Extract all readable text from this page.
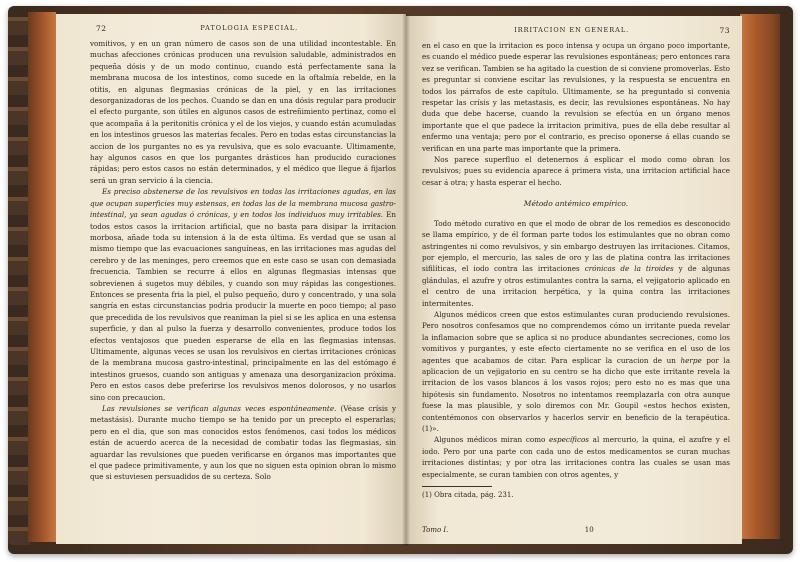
72	PATOLOGIA ESPECIAL.

vomitivos, y en un gran número de casos son de una utilidad incontestable. En muchas afecciones crónicas producen una revulsion saludable, administrados en pequeña dósis y de un modo continuo, cuando está perfectamente sana la membrana mucosa de los intestinos, como sucede en la oftalmía rebelde, en la otitis, en algunas flegmasias crónicas de la piel, y en las irritaciones desorganizadoras de los pechos. Cuando se dan en una dósis regular para producir el efecto purgante, son útiles en algunos casos de estreñimiento pertinaz, como el que acompaña á la peritonitis crónica y el de los viejos, y cuando están acumuladas en los intestinos gruesos las materias fecales. Pero en todas estas circunstancias la accion de los purgantes no es ya revulsiva, que es solo evacuante. Ultimamente, hay algunos casos en que los purgantes drásticos han producido curaciones rápidas; pero estos casos no están determinados, y el médico que llegue á fijarlos será un gran servicio á la ciencia.

Es preciso abstenerse de los revulsivos en todas las irritaciones agudas, en las que ocupan superficies muy estensas, en todas las de la membrana mucosa gastro-intestinal, ya sean agudas ó crónicas, y en todos los individuos muy irritables. En todos estos casos la irritacion artificial, que no basta para disipar la irritacion morbosa, añade toda su intension á la de esta última. Es verdad que se usan al mismo tiempo que las evacuaciones sanguíneas, en las irritaciones mas agudas del cerebro y de las meninges, pero creemos que en este caso se usan con demasiada frecuencia. Tambien se recurre á ellos en algunas flegmasias intensas que sobrevienen á sugetos muy débiles, y cuando son muy rápidas las congestiones. Entonces se presenta fria la piel, el pulso pequeño, duro y concentrado, y una sola sangría en estas circunstancias podria producir la muerte en poco tiempo; al paso que precedida de los revulsivos que reaniman la piel si se les aplica en una estensa superficie, y dan al pulso la fuerza y desarrollo convenientes, produce todos los efectos ventajosos que pueden esperarse de ella en las flegmasias intensas. Ultimamente, algunas veces se usan los revulsivos en ciertas irritaciones crónicas de la membrana mucosa gastro-intestinal, principalmente en las del estómago é intestinos gruesos, cuando son antiguas y amenaza una desorganizacion próxima. Pero en estos casos debe preferirse los revulsivos menos dolorosos, y no usarlos sino con precaucion.

Las revulsiones se verifican algunas veces espontáneamente. (Véase crísis y metastásis). Durante mucho tiempo se ha tenido por un precepto el esperarlas; pero en el dia, que son mas conocidos estos fenómenos, casi todos los médicos están de acuerdo acerca de la necesidad de combatir todas las flegmasias, sin aguardar las revulsiones que pueden verificarse en órganos mas importantes que el que padece primitivamente, y aun los que no siguen esta opinion obran lo mismo que si estuviesen persuadidos de su certeza. Solo

IRRITACION EN GENERAL.	73

en el caso en que la irritacion es poco intensa y ocupa un órgano poco importante, es cuando el médico puede esperar las revulsiones espontáneas; pero entonces rara vez se verifican. Tambien se ha agitado la cuestion de si conviene promoverlas. Esto es preguntar si conviene escitar las revulsiones, y la respuesta se encuentra en todos los párrafos de este capítulo. Ultimamente, se ha preguntado si convenia respetar las crísis y las metastasis, es decir, las revulsiones espontáneas. No hay duda que debe hacerse, cuando la revulsion se efectúa en un órgano menos importante que el que padece la irritacion primitiva, pues de ella debe resultar al enfermo una ventaja; pero por el contrario, es preciso oponerse á ellas cuando se verifican en una parte mas importante que la primera.

Nos parece superfluo el detenernos á esplicar el modo como obran los revulsivos; pues su evidencia aparece á primera vista, una irritacion artificial hace cesar á otra; y hasta esperar el hecho.

Método antémico empírico.

Todo método curativo en que el modo de obrar de los remedios es desconocido se llama empírico, y de él forman parte todos los estimulantes que no obran como astringentes ni como revulsivos, y sin embargo destruyen las irritaciones. Citamos, por ejemplo, el mercurio, las sales de oro y las de platina contra las irritaciones sifilíticas, el iodo contra las irritaciones crónicas de la tiroides y de algunas glándulas, el azufre y otros estimulantes contra la sarna, el vejigatorio aplicado en el centro de una irritacion herpética, y la quina contra las irritaciones intermitentes.

Algunos médicos creen que estos estimulantes curan produciendo revulsiones. Pero nosotros confesamos que no comprendemos cómo un irritante pueda revelar la inflamacion sobre que se aplica si no produce abundantes secreciones, como los vomitivos y purgantes, y este efecto ciertamente no se verifica en el uso de los agentes que acabamos de citar. Para esplicar la curacion de un herpe por la aplicacion de un vejigatorio en su centro se ha dicho que este irritante revela la irritacion de los vasos blancos á los vasos rojos; pero esto no es mas que una hipótesis sin fundamento. Nosotros no intentamos reemplazarla con otra aunque fuese la mas plausible, y solo diremos con Mr. Goupil «estos hechos existen, contentémonos con observarlos y hacerlos servir en beneficio de la terapéutica. (1)».

Algunos médicos miran como específicos al mercurio, la quina, el azufre y el iodo. Pero por una parte con cada uno de estos medicamentos se curan muchas irritaciones distintas; y por otra las irritaciones contra las cuales se usan mas especialmente, se curan tambien con otros agentes, y

(1) Obra citada, pág. 231.
Tomo I.	10
